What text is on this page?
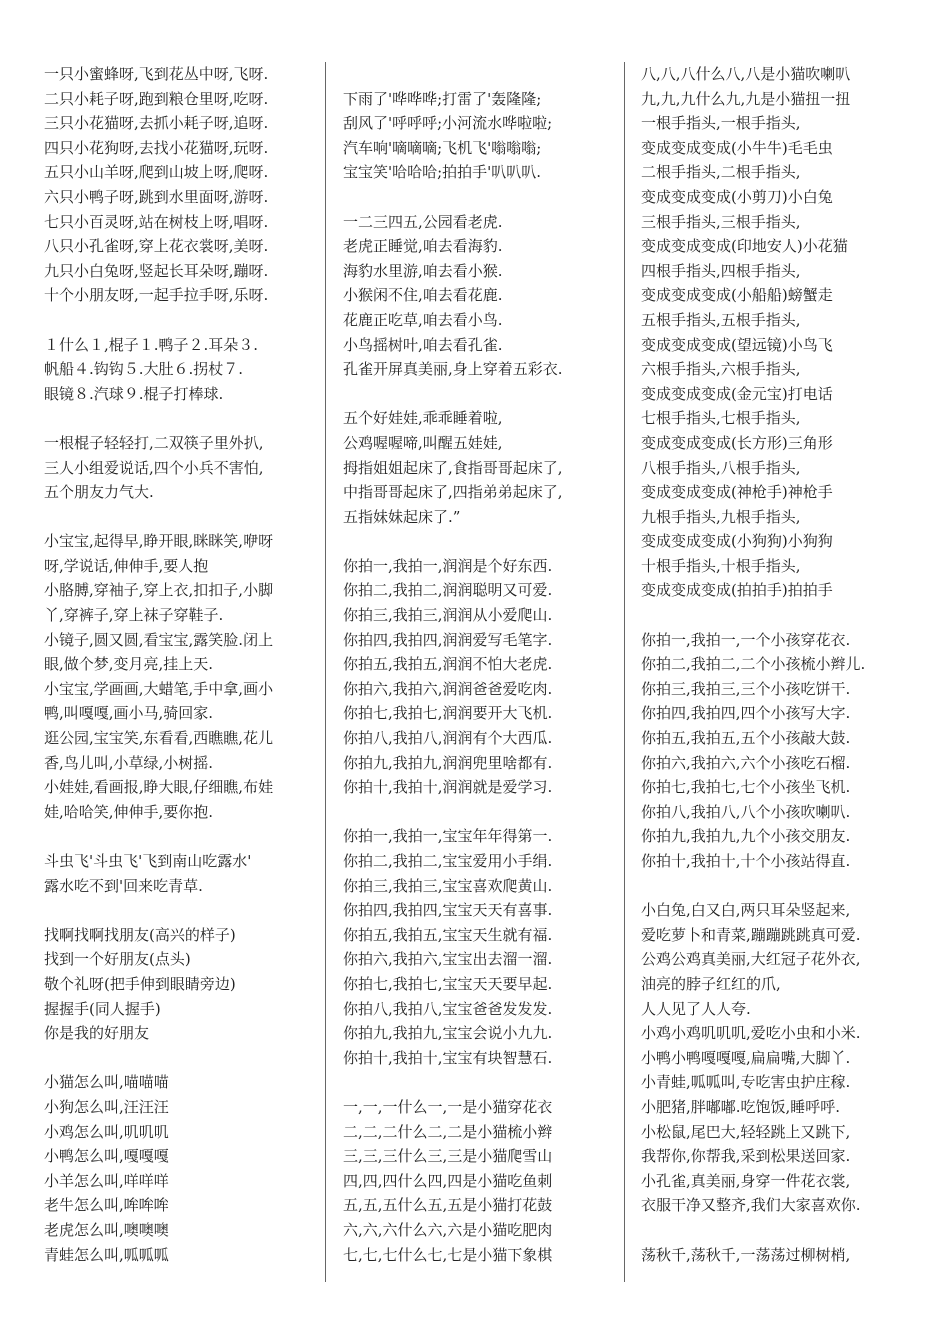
一只小蜜蜂呀,飞到花丛中呀,飞呀.
二只小耗子呀,跑到粮仓里呀,吃呀.
三只小花猫呀,去抓小耗子呀,追呀.
四只小花狗呀,去找小花猫呀,玩呀.
五只小山羊呀,爬到山坡上呀,爬呀.
六只小鸭子呀,跳到水里面呀,游呀.
七只小百灵呀,站在树枝上呀,唱呀.
八只小孔雀呀,穿上花衣裳呀,美呀.
九只小白兔呀,竖起长耳朵呀,蹦呀.
十个小朋友呀,一起手拉手呀,乐呀.
１什么１,棍子１.鸭子２.耳朵３.
帆船４.钩钩５.大肚６.拐杖７.
眼镜８.汽球９.棍子打棒球.
一根棍子轻轻打,二双筷子里外扒,
三人小组爱说话,四个小兵不害怕,
五个朋友力气大.
小宝宝,起得早,睁开眼,眯眯笑,咿呀
呀,学说话,伸伸手,要人抱
小胳膊,穿袖子,穿上衣,扣扣子,小脚
丫,穿裤子,穿上袜子穿鞋子.
小镜子,圆又圆,看宝宝,露笑脸.闭上
眼,做个梦,变月亮,挂上天.
小宝宝,学画画,大蜡笔,手中拿,画小
鸭,叫嘎嘎,画小马,骑回家.
逛公园,宝宝笑,东看看,西瞧瞧,花儿
香,鸟儿叫,小草绿,小树摇.
小娃娃,看画报,睁大眼,仔细瞧,布娃
娃,哈哈笑,伸伸手,要你抱.
斗虫飞'斗虫飞'飞到南山吃露水'
露水吃不到'回来吃青草.
找啊找啊找朋友(高兴的样子)
找到一个好朋友(点头)
敬个礼呀(把手伸到眼睛旁边)
握握手(同人握手)
你是我的好朋友
小猫怎么叫,喵喵喵
小狗怎么叫,汪汪汪
小鸡怎么叫,叽叽叽
小鸭怎么叫,嘎嘎嘎
小羊怎么叫,咩咩咩
老牛怎么叫,哞哞哞
老虎怎么叫,噢噢噢
青蛙怎么叫,呱呱呱
下雨了'哗哗哗;打雷了'轰隆隆;
刮风了'呼呼呼;小河流水哗啦啦;
汽车响'嘀嘀嘀;飞机飞'嗡嗡嗡;
宝宝笑'哈哈哈;拍拍手'叭叭叭.
一二三四五,公园看老虎.
老虎正睡觉,咱去看海豹.
海豹水里游,咱去看小猴.
小猴闲不住,咱去看花鹿.
花鹿正吃草,咱去看小鸟.
小鸟摇树叶,咱去看孔雀.
孔雀开屏真美丽,身上穿着五彩衣.
五个好娃娃,乖乖睡着啦,
公鸡喔喔啼,叫醒五娃娃,
拇指姐姐起床了,食指哥哥起床了,
中指哥哥起床了,四指弟弟起床了,
五指妹妹起床了.”
你拍一,我拍一,润润是个好东西.
你拍二,我拍二,润润聪明又可爱.
你拍三,我拍三,润润从小爱爬山.
你拍四,我拍四,润润爱写毛笔字.
你拍五,我拍五,润润不怕大老虎.
你拍六,我拍六,润润爸爸爱吃肉.
你拍七,我拍七,润润要开大飞机.
你拍八,我拍八,润润有个大西瓜.
你拍九,我拍九,润润兜里啥都有.
你拍十,我拍十,润润就是爱学习.
你拍一,我拍一,宝宝年年得第一.
你拍二,我拍二,宝宝爱用小手绢.
你拍三,我拍三,宝宝喜欢爬黄山.
你拍四,我拍四,宝宝天天有喜事.
你拍五,我拍五,宝宝天生就有福.
你拍六,我拍六,宝宝出去溜一溜.
你拍七,我拍七,宝宝天天要早起.
你拍八,我拍八,宝宝爸爸发发发.
你拍九,我拍九,宝宝会说小九九.
你拍十,我拍十,宝宝有块智慧石.
一,一,一什么一,一是小猫穿花衣
二,二,二什么二,二是小猫梳小辫
三,三,三什么三,三是小猫爬雪山
四,四,四什么四,四是小猫吃鱼刺
五,五,五什么五,五是小猫打花鼓
六,六,六什么六,六是小猫吃肥肉
七,七,七什么七,七是小猫下象棋
八,八,八什么八,八是小猫吹喇叭
九,九,九什么九,九是小猫扭一扭
一根手指头,一根手指头,
变成变成变成(小牛牛)毛毛虫
二根手指头,二根手指头,
变成变成变成(小剪刀)小白兔
三根手指头,三根手指头,
变成变成变成(印地安人)小花猫
四根手指头,四根手指头,
变成变成变成(小船船)螃蟹走
五根手指头,五根手指头,
变成变成变成(望远镜)小鸟飞
六根手指头,六根手指头,
变成变成变成(金元宝)打电话
七根手指头,七根手指头,
变成变成变成(长方形)三角形
八根手指头,八根手指头,
变成变成变成(神枪手)神枪手
九根手指头,九根手指头,
变成变成变成(小狗狗)小狗狗
十根手指头,十根手指头,
变成变成变成(拍拍手)拍拍手
你拍一,我拍一,一个小孩穿花衣.
你拍二,我拍二,二个小孩梳小辫儿.
你拍三,我拍三,三个小孩吃饼干.
你拍四,我拍四,四个小孩写大字.
你拍五,我拍五,五个小孩敲大鼓.
你拍六,我拍六,六个小孩吃石榴.
你拍七,我拍七,七个小孩坐飞机.
你拍八,我拍八,八个小孩吹喇叭.
你拍九,我拍九,九个小孩交朋友.
你拍十,我拍十,十个小孩站得直.
小白兔,白又白,两只耳朵竖起来,
爱吃萝卜和青菜,蹦蹦跳跳真可爱.
公鸡公鸡真美丽,大红冠子花外衣,
油亮的脖子红红的爪,
人人见了人人夸.
小鸡小鸡叽叽叽,爱吃小虫和小米.
小鸭小鸭嘎嘎嘎,扁扁嘴,大脚丫.
小青蛙,呱呱叫,专吃害虫护庄稼.
小肥猪,胖嘟嘟.吃饱饭,睡呼呼.
小松鼠,尾巴大,轻轻跳上又跳下,
我帮你,你帮我,采到松果送回家.
小孔雀,真美丽,身穿一件花衣裳,
衣服干净又整齐,我们大家喜欢你.
荡秋千,荡秋千,一荡荡过柳树梢,
